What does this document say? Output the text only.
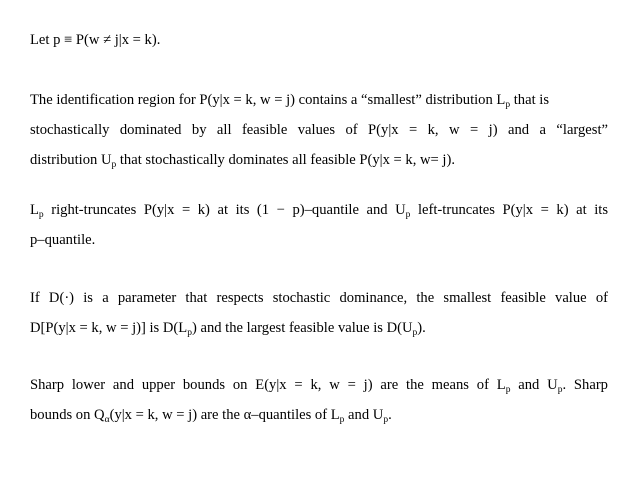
Let p ≡ P(w ≠ j|x = k).
The identification region for P(y|x = k, w = j) contains a “smallest” distribution $L_p$ that is
stochastically dominated by all feasible values of P(y|x = k, w = j) and a “largest”
distribution $U_p$ that stochastically dominates all feasible P(y|x = k, w= j).
$L_p$ right-truncates P(y|x = k) at its (1 − p)–quantile and $U_p$ left-truncates P(y|x = k) at its
p–quantile.
If D(·) is a parameter that respects stochastic dominance, the smallest feasible value of
D[P(y|x = k, w = j)] is $D(L_p)$ and the largest feasible value is $D(U_p)$.
Sharp lower and upper bounds on E(y|x = k, w = j) are the means of $L_p$ and $U_p$. Sharp
bounds on $Q_\alpha(y|x = k$, w = j) are the α–quantiles of $L_p$ and $U_p$.
